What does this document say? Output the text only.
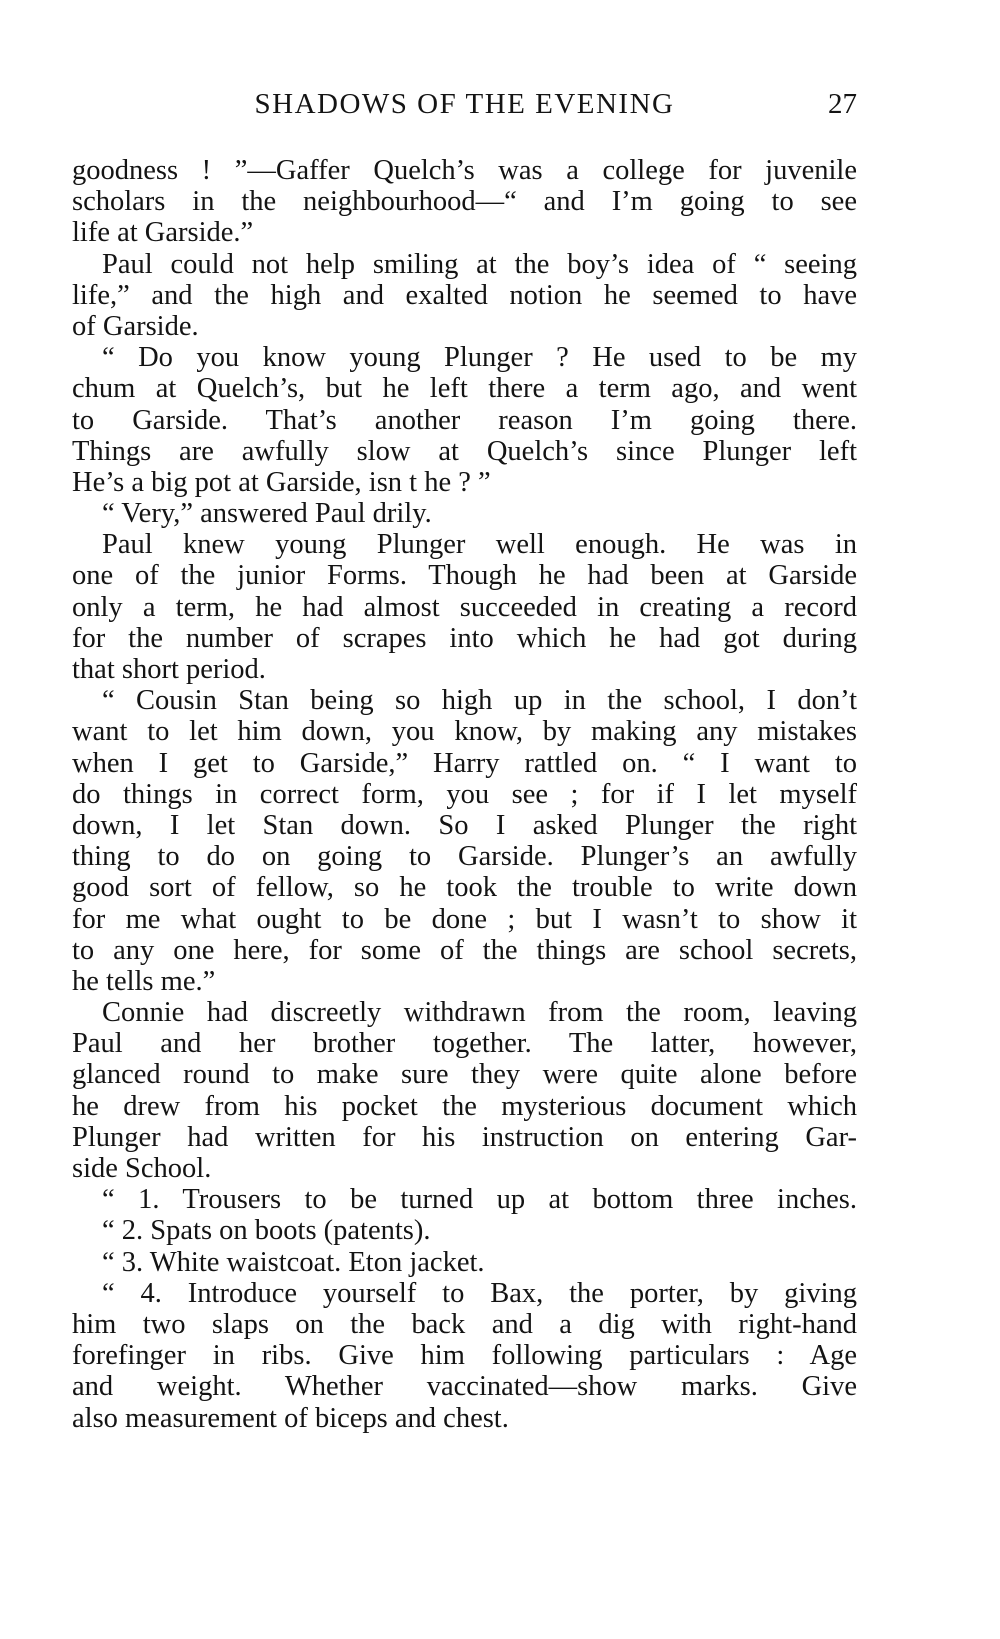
SHADOWS OF THE EVENING	27
goodness ! ”—Gaffer Quelch’s was a college for juvenile
scholars in the neighbourhood—“ and I’m going to see
life at Garside.”
Paul could not help smiling at the boy’s idea of “ seeing
life,” and the high and exalted notion he seemed to have
of Garside.
“ Do you know young Plunger ? He used to be my
chum at Quelch’s, but he left there a term ago, and went
to Garside. That’s another reason I’m going there.
Things are awfully slow at Quelch’s since Plunger left
He’s a big pot at Garside, isn t he ? ”
“ Very,” answered Paul drily.
Paul knew young Plunger well enough. He was in
one of the junior Forms. Though he had been at Garside
only a term, he had almost succeeded in creating a record
for the number of scrapes into which he had got during
that short period.
“ Cousin Stan being so high up in the school, I don’t
want to let him down, you know, by making any mistakes
when I get to Garside,” Harry rattled on. “ I want to
do things in correct form, you see ; for if I let myself
down, I let Stan down. So I asked Plunger the right
thing to do on going to Garside. Plunger’s an awfully
good sort of fellow, so he took the trouble to write down
for me what ought to be done ; but I wasn’t to show it
to any one here, for some of the things are school secrets,
he tells me.”
Connie had discreetly withdrawn from the room, leaving
Paul and her brother together. The latter, however,
glanced round to make sure they were quite alone before
he drew from his pocket the mysterious document which
Plunger had written for his instruction on entering Gar-
side School.
“ 1. Trousers to be turned up at bottom three inches.
“ 2. Spats on boots (patents).
“ 3. White waistcoat. Eton jacket.
“ 4. Introduce yourself to Bax, the porter, by giving
him two slaps on the back and a dig with right-hand
forefinger in ribs. Give him following particulars : Age
and weight. Whether vaccinated—show marks. Give
also measurement of biceps and chest.
